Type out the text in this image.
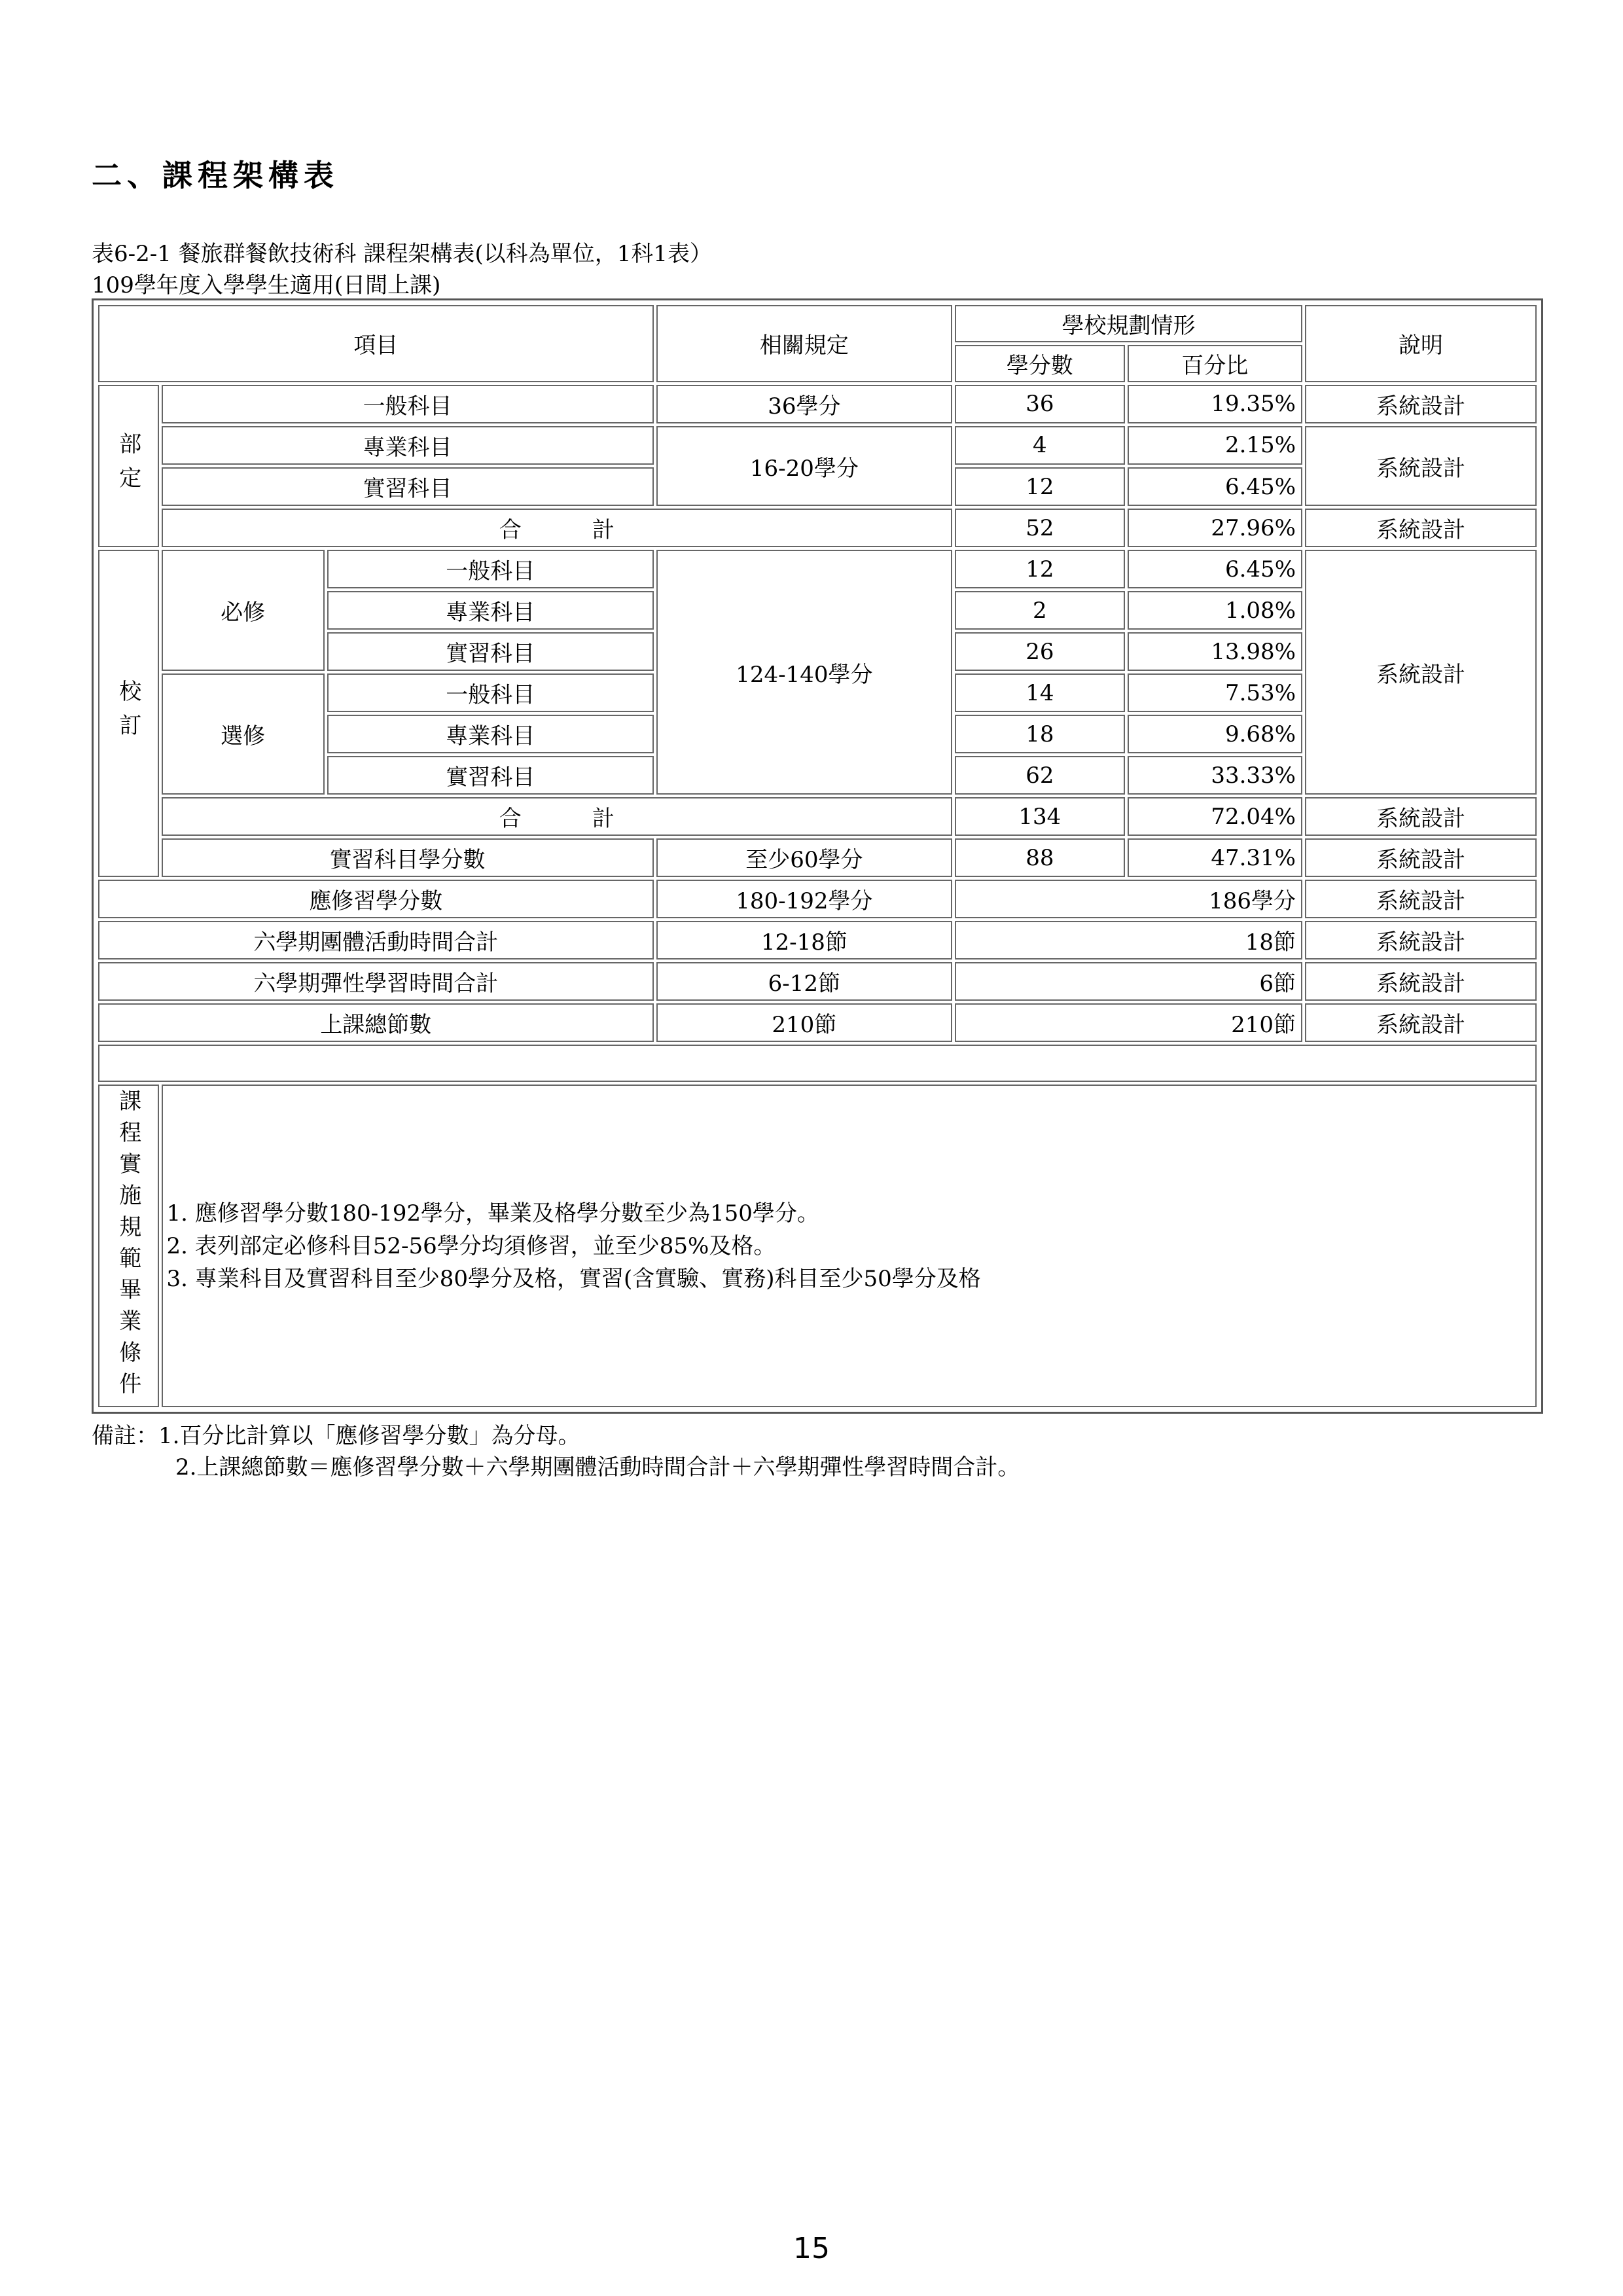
二、課程架構表
表6-2-1 餐旅群餐飲技術科 課程架構表(以科為單位，1科1表）
109學年度入學學生適用(日間上課)
項目			相關規定	學校規劃情形		說明
				學分數	百分比	
部定	一般科目		36學分	36	19.35%	系統設計
	專業科目		16-20學分	4	2.15%	系統設計
	實習科目			12	6.45%	
	合          計			52	27.96%	系統設計
校訂	必修	一般科目	124-140學分	12	6.45%	系統設計
		專業科目		2	1.08%	
		實習科目		26	13.98%	
	選修	一般科目		14	7.53%	
		專業科目		18	9.68%	
		實習科目		62	33.33%	
	合          計			134	72.04%	系統設計
	實習科目學分數		至少60學分	88	47.31%	系統設計
應修習學分數			180-192學分	186學分		系統設計
六學期團體活動時間合計			12-18節	18節		系統設計
六學期彈性學習時間合計			6-12節	6節		系統設計
上課總節數			210節	210節		系統設計

課程實施規範畢業條件	1. 應修習學分數180-192學分，畢業及格學分數至少為150學分。
2. 表列部定必修科目52-56學分均須修習，並至少85%及格。
3. 專業科目及實習科目至少80學分及格，實習(含實驗、實務)科目至少50學分及格					
備註：1.百分比計算以「應修習學分數」為分母。
2.上課總節數＝應修習學分數＋六學期團體活動時間合計＋六學期彈性學習時間合計。
15
